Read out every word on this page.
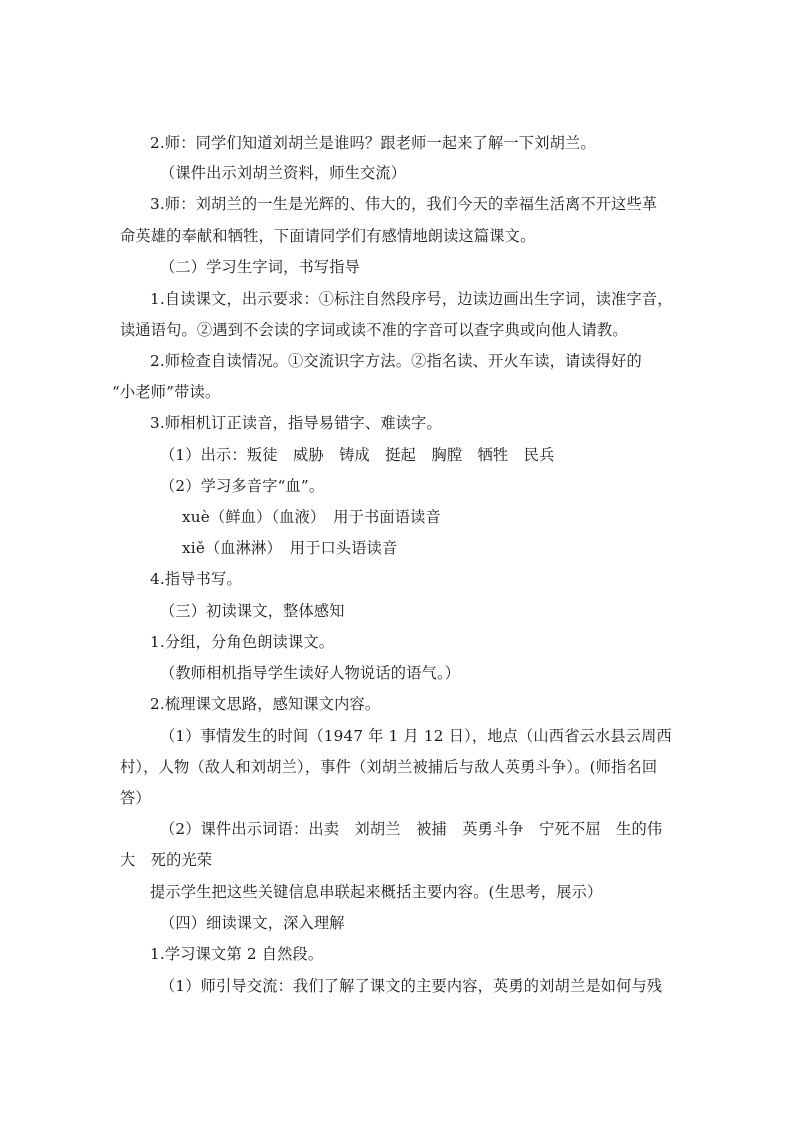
2.师：同学们知道刘胡兰是谁吗？跟老师一起来了解一下刘胡兰。
（课件出示刘胡兰资料，师生交流）
3.师：刘胡兰的一生是光辉的、伟大的，我们今天的幸福生活离不开这些革
命英雄的奉献和牺牲，下面请同学们有感情地朗读这篇课文。
（二）学习生字词，书写指导
1.自读课文，出示要求：①标注自然段序号，边读边画出生字词，读准字音，
读通语句。②遇到不会读的字词或读不准的字音可以查字典或向他人请教。
2.师检查自读情况。①交流识字方法。②指名读、开火车读，请读得好的
“小老师”带读。
3.师相机订正读音，指导易错字、难读字。
（1）出示：叛徒　威胁　铸成　挺起　胸膛　牺牲　民兵
（2）学习多音字“血”。
xuè（鲜血）（血液）　用于书面语读音
xiě（血淋淋）　用于口头语读音
4.指导书写。
（三）初读课文，整体感知
1.分组，分角色朗读课文。
（教师相机指导学生读好人物说话的语气。）
2.梳理课文思路，感知课文内容。
（1）事情发生的时间（1947 年 1 月 12 日），地点（山西省云水县云周西
村），人物（敌人和刘胡兰），事件（刘胡兰被捕后与敌人英勇斗争）。(师指名回
答）
（2）课件出示词语：出卖　刘胡兰　被捕　英勇斗争　宁死不屈　生的伟
大　死的光荣
提示学生把这些关键信息串联起来概括主要内容。(生思考，展示）
（四）细读课文，深入理解
1.学习课文第 2 自然段。
（1）师引导交流：我们了解了课文的主要内容，英勇的刘胡兰是如何与残
